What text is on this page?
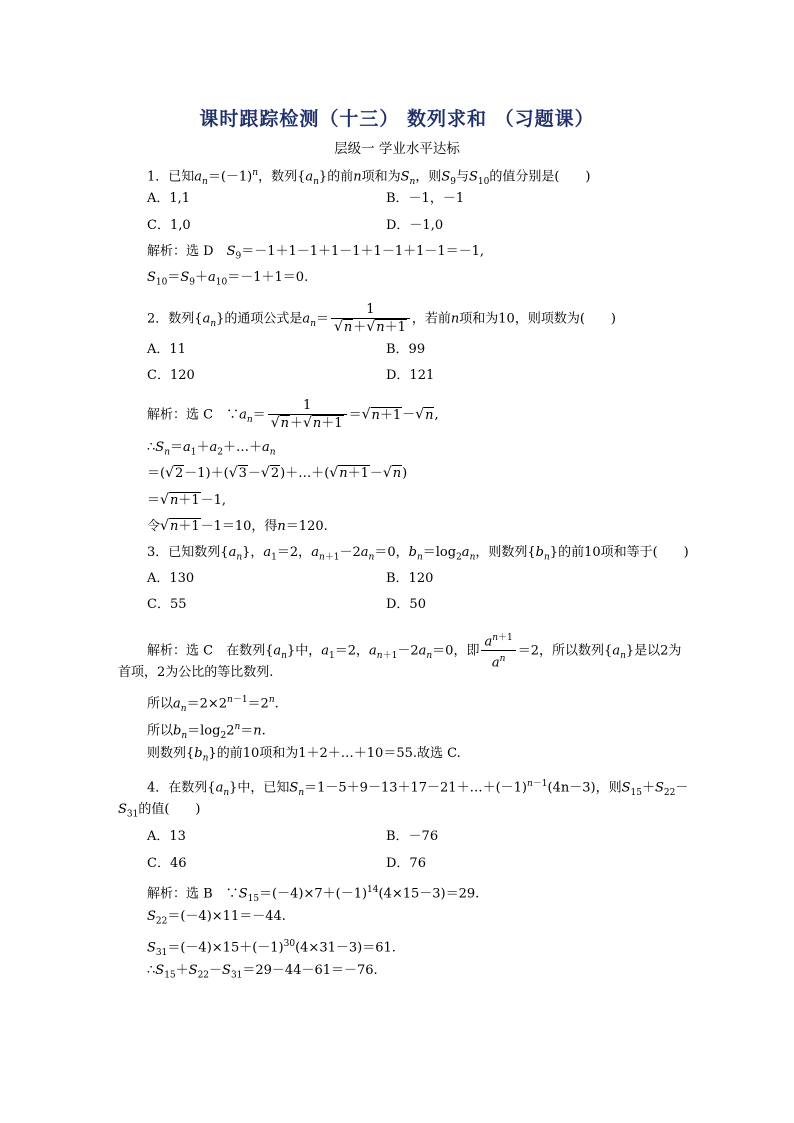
课时跟踪检测（十三） 数列求和 （习题课）
层级一 学业水平达标
1．已知$a_n=(-1)^n$，数列$\{a_n\}$的前n项和为$S_n$，则$S_9$与$S_{10}$的值分别是(　　)
A．1,1	B．－1，－1
C．1,0	D．－1,0
解析：选 D　$S_9=-1+1-1+1-1+1-1+1-1=-1$,
$S_{10}=S_9+a_{10}=-1+1=0$.
2．数列$\{a_n\}$的通项公式是$a_n= \frac{1}{√n+√n+1}$ ，若前n项和为10，则项数为(　　)
A．11	B．99
C．120	D．121
解析：选 C　$\because a_n= \frac{1}{√n+√n+1} =√n+1-√n$,
$\therefore S_n=a_1+a_2+\dots+a_n$
＝(√2－1)＋(√3－√2)＋…＋(√n＋1－√n)
＝√n＋1－1,
令√n＋1－1＝10，得n＝120.
3．已知数列$\{a_n\}$，$a_1=2$，$a_{n+1}-2a_n=0$，$b_n=\log_2a_n$，则数列$\{b_n\}$的前10项和等于(　　)
A．130	B．120
C．55	D．50
解析：选 C　在数列$\{a_n\}$中，$a_1=2$，$a_{n+1}-2a_n=0$，即 $\frac{a^{n+1}}{a^n} =2$，所以数列$\{a_n\}$是以2为
首项，2为公比的等比数列.
所以$a_n=2\times 2^{n-1}=2^n$.
所以$b_n=\log_22^n=n$.
则数列$\{b_n\}$的前10项和为1＋2＋…＋10＝55.故选 C.
4．在数列$\{a_n\}$中，已知$S_n=1-5+9-13+17-21+\dots+(-1)^{n-1}(4n-3)$，则$S_{15}+S_{22}-$
$S_{31}$的值(　　)
A．13	B．－76
C．46	D．76
解析：选 B　$\because S_{15}=(-4)\times 7+(-1)^{14}(4\times 15-3)=29$.
$S_{22}=(-4)\times 11=-44$.
$S_{31}=(-4)\times 15+(-1)^{30}(4\times 31-3)=61$.
$\therefore S_{15}+S_{22}-S_{31}=29-44-61=-76$.
